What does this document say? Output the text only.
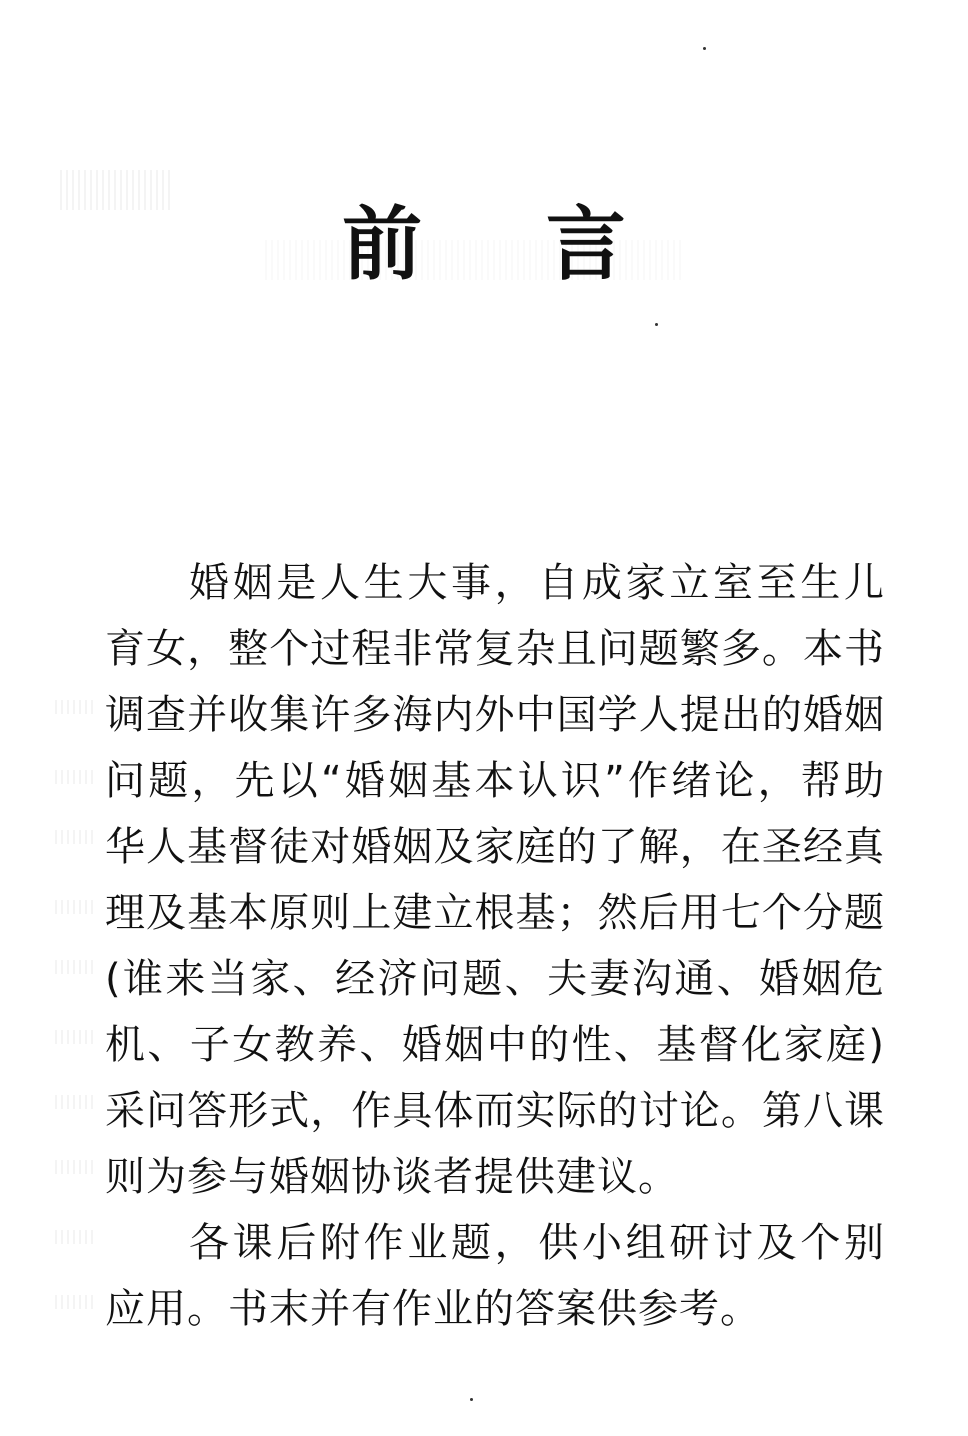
前 言

婚姻是人生大事，自成家立室至生儿育女，整个过程非常复杂且问题繁多。本书调查并收集许多海内外中国学人提出的婚姻问题，先以“婚姻基本认识”作绪论，帮助华人基督徒对婚姻及家庭的了解，在圣经真理及基本原则上建立根基；然后用七个分题(谁来当家、经济问题、夫妻沟通、婚姻危机、子女教养、婚姻中的性、基督化家庭)采问答形式，作具体而实际的讨论。第八课则为参与婚姻协谈者提供建议。

各课后附作业题，供小组研讨及个别应用。书末并有作业的答案供参考。
